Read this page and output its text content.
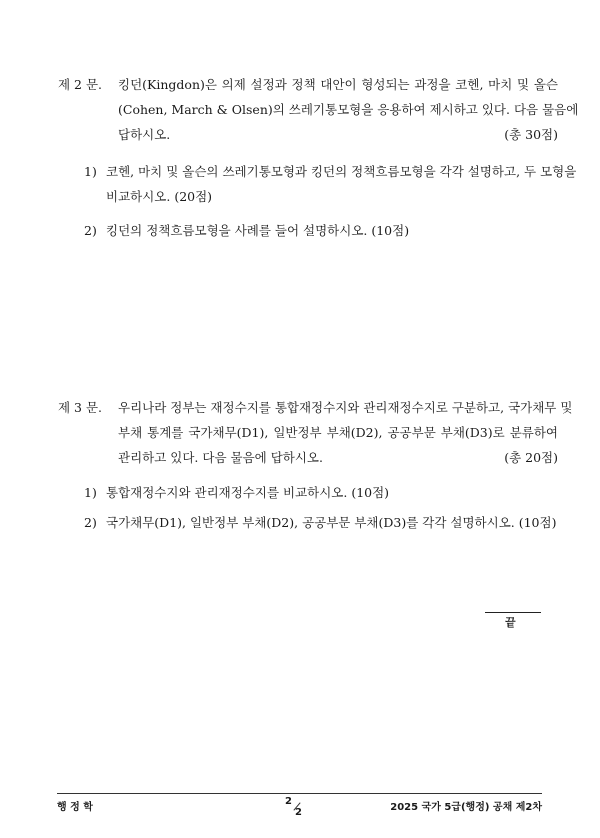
제 2 문. 킹던(Kingdon)은 의제 설정과 정책 대안이 형성되는 과정을 코헨, 마치 및 올슨
(Cohen, March & Olsen)의 쓰레기통모형을 응용하여 제시하고 있다. 다음 물음에
답하시오.	(총 30점)
1) 코헨, 마치 및 올슨의 쓰레기통모형과 킹던의 정책흐름모형을 각각 설명하고, 두 모형을
비교하시오. (20점)
2) 킹던의 정책흐름모형을 사례를 들어 설명하시오. (10점)
제 3 문. 우리나라 정부는 재정수지를 통합재정수지와 관리재정수지로 구분하고, 국가채무 및
부채 통계를 국가채무(D1), 일반정부 부채(D2), 공공부문 부채(D3)로 분류하여
관리하고 있다. 다음 물음에 답하시오.	(총 20점)
1) 통합재정수지와 관리재정수지를 비교하시오. (10점)
2) 국가채무(D1), 일반정부 부채(D2), 공공부문 부채(D3)를 각각 설명하시오. (10점)
끝
행 정 학
2
2	2025 국가 5급(행정) 공채 제2차
